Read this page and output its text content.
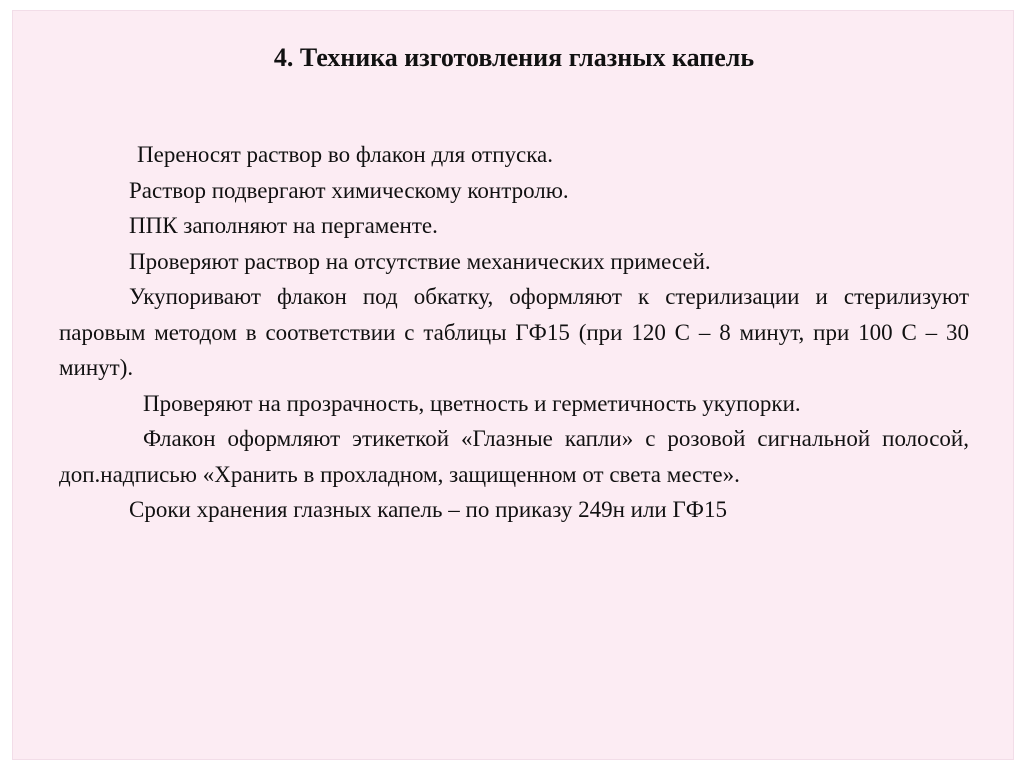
4. Техника изготовления глазных капель

Переносят раствор во флакон для отпуска.

Раствор подвергают химическому контролю.

ППК заполняют на пергаменте.

Проверяют раствор на отсутствие механических примесей.

Укупоривают флакон под обкатку, оформляют к стерилизации и стерилизуют паровым методом в соответствии с таблицы ГФ15 (при 120 С – 8 минут, при 100 С – 30 минут).

Проверяют на прозрачность, цветность и герметичность укупорки.

Флакон оформляют этикеткой «Глазные капли» с розовой сигнальной полосой, доп.надписью «Хранить в прохладном, защищенном от света месте».

Сроки хранения глазных капель – по приказу 249н или ГФ15
